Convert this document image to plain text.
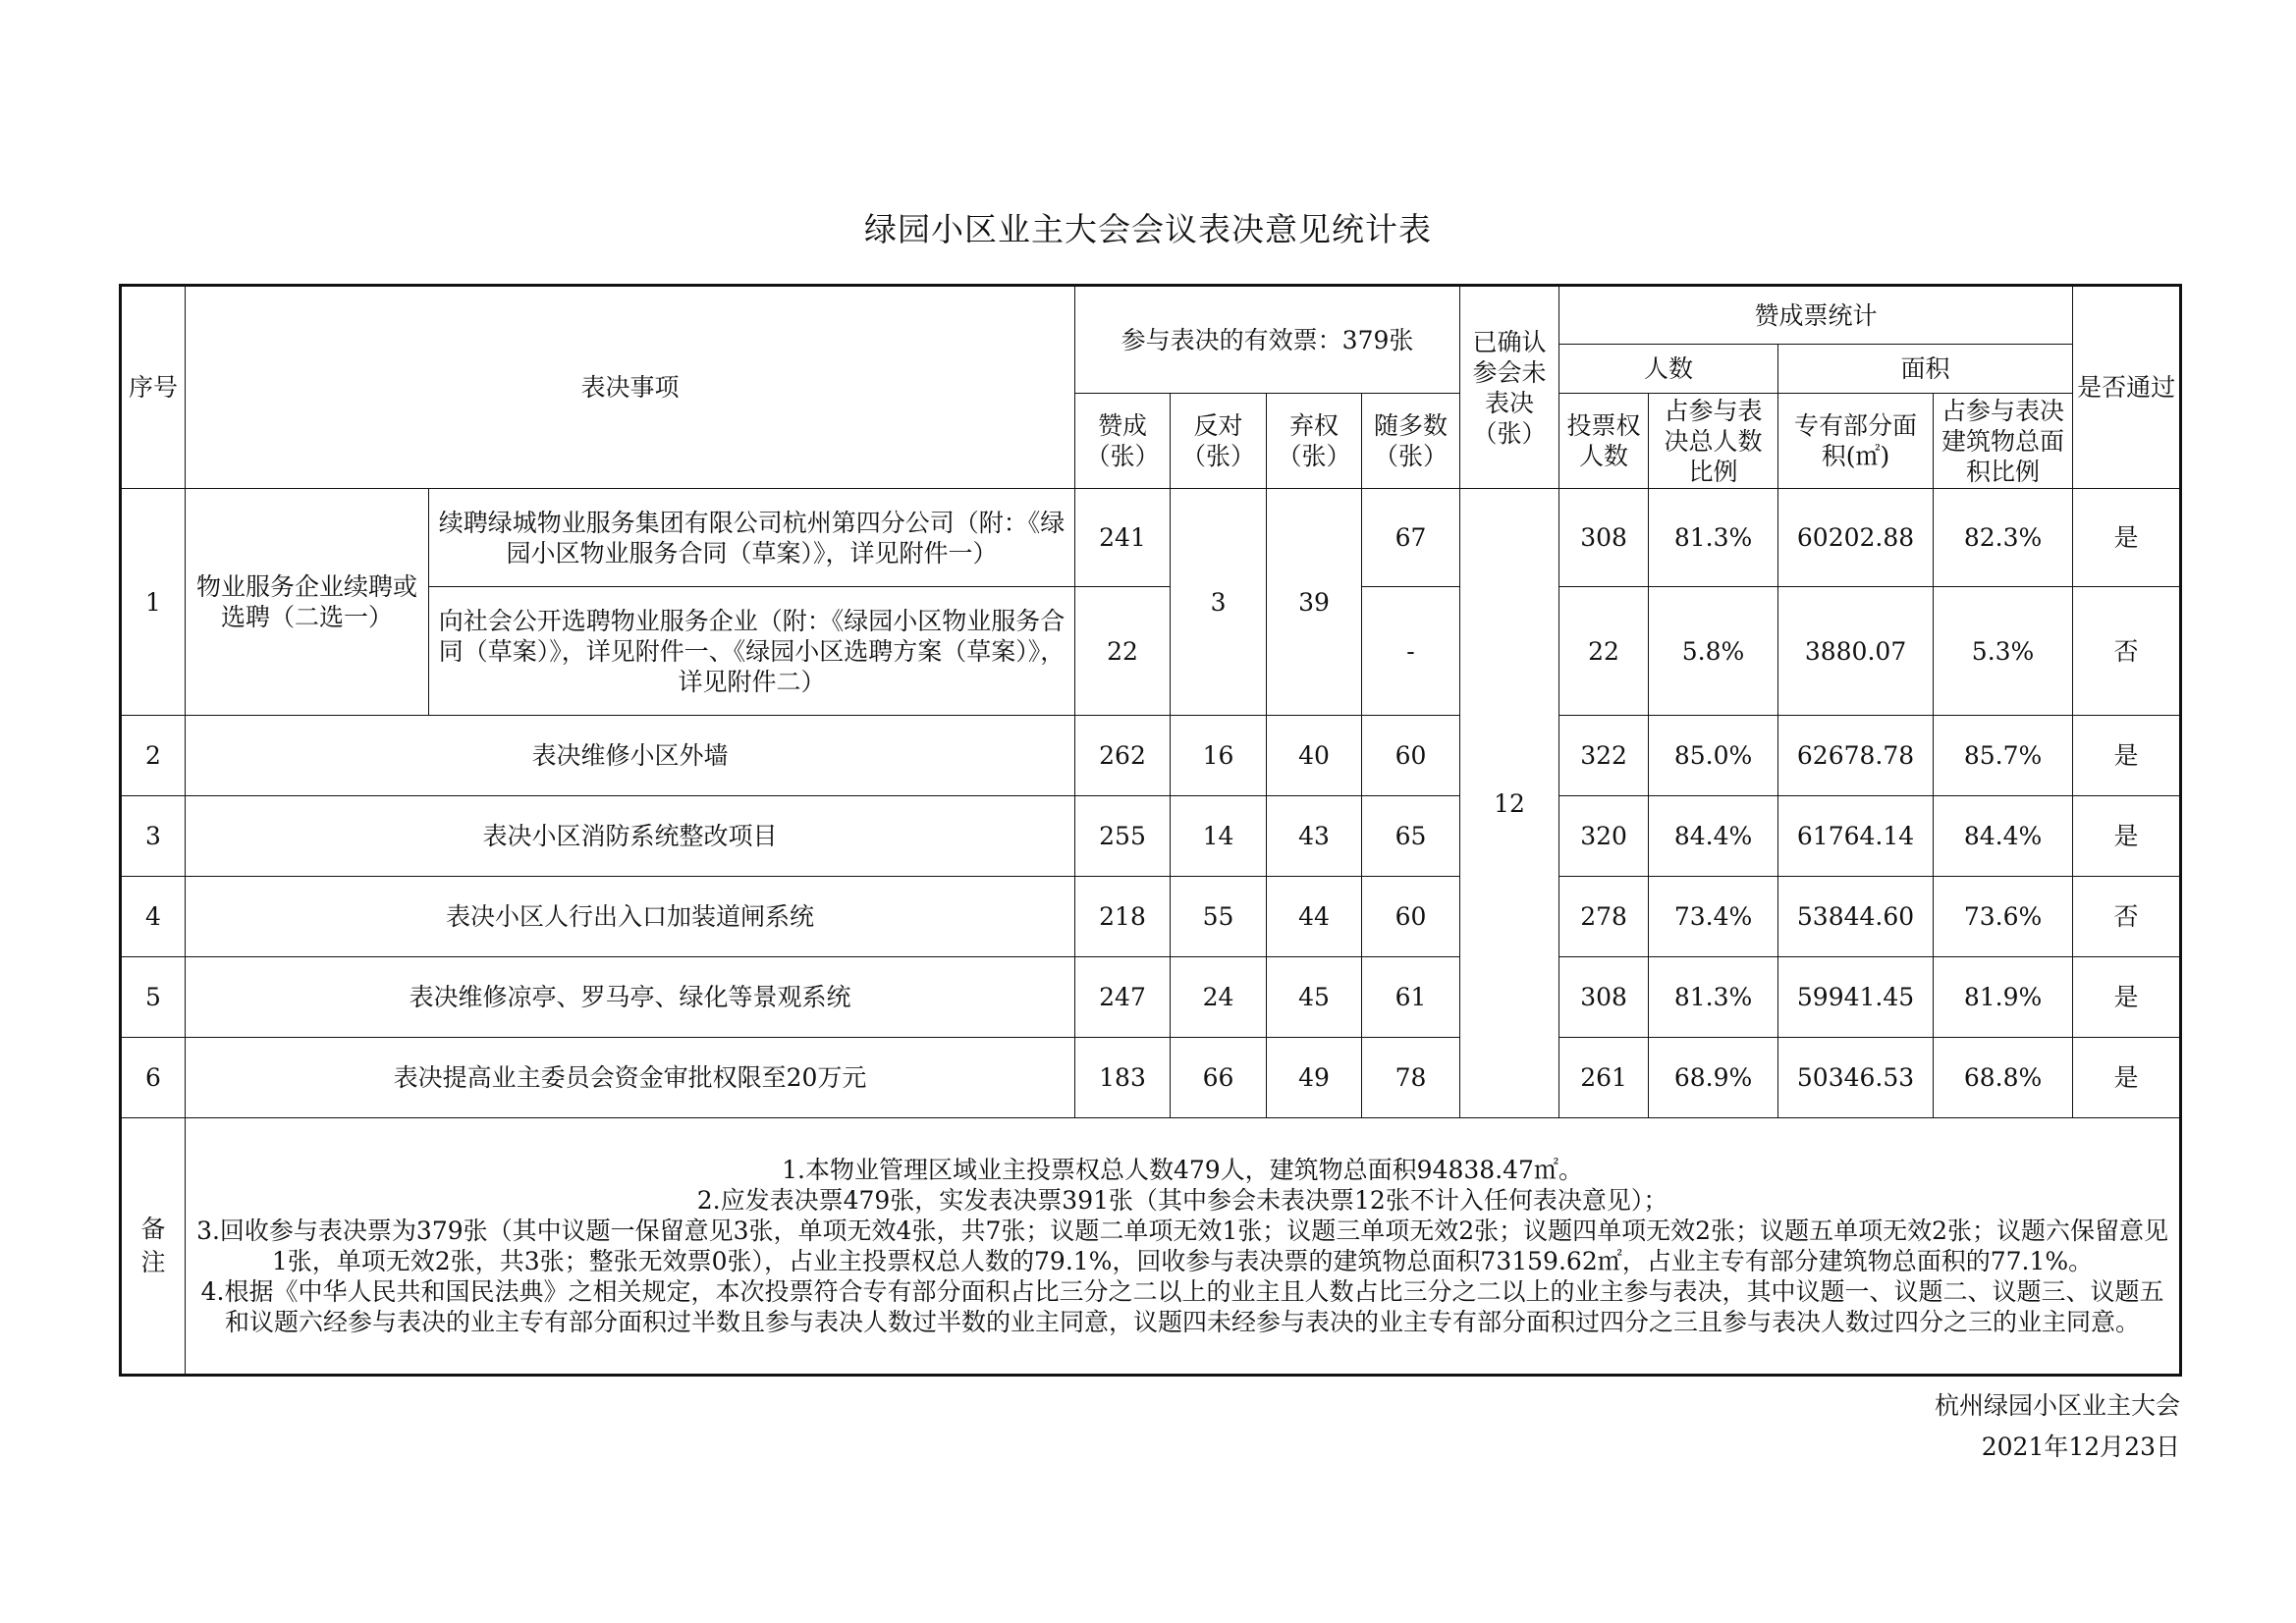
绿园小区业主大会会议表决意见统计表
序号	表决事项		参与表决的有效票：379张				已确认参会未表决（张）	赞成票统计				是否通过
								人数		面积		
			赞成（张）	反对（张）	弃权（张）	随多数（张）		投票权人数	占参与表决总人数比例	专有部分面积(㎡)	占参与表决建筑物总面积比例	
1	物业服务企业续聘或选聘（二选一）	续聘绿城物业服务集团有限公司杭州第四分公司（附：《绿园小区物业服务合同（草案）》，详见附件一）	241	3	39	67	12	308	81.3%	60202.88	82.3%	是
		向社会公开选聘物业服务企业（附：《绿园小区物业服务合同（草案）》，详见附件一、《绿园小区选聘方案（草案）》，详见附件二）	22			-		22	5.8%	3880.07	5.3%	否
2	表决维修小区外墙		262	16	40	60		322	85.0%	62678.78	85.7%	是
3	表决小区消防系统整改项目		255	14	43	65		320	84.4%	61764.14	84.4%	是
4	表决小区人行出入口加装道闸系统		218	55	44	60		278	73.4%	53844.60	73.6%	否
5	表决维修凉亭、罗马亭、绿化等景观系统		247	24	45	61		308	81.3%	59941.45	81.9%	是
6	表决提高业主委员会资金审批权限至20万元		183	66	49	78		261	68.9%	50346.53	68.8%	是
备注	1.本物业管理区域业主投票权总人数479人，建筑物总面积94838.47㎡。
2.应发表决票479张，实发表决票391张（其中参会未表决票12张不计入任何表决意见）；
3.回收参与表决票为379张（其中议题一保留意见3张，单项无效4张，共7张；议题二单项无效1张；议题三单项无效2张；议题四单项无效2张；议题五单项无效2张；议题六保留意见1张，单项无效2张，共3张；整张无效票0张），占业主投票权总人数的79.1%，回收参与表决票的建筑物总面积73159.62㎡，占业主专有部分建筑物总面积的77.1%。
4.根据《中华人民共和国民法典》之相关规定，本次投票符合专有部分面积占比三分之二以上的业主且人数占比三分之二以上的业主参与表决，其中议题一、议题二、议题三、议题五和议题六经参与表决的业主专有部分面积过半数且参与表决人数过半数的业主同意，议题四未经参与表决的业主专有部分面积过四分之三且参与表决人数过四分之三的业主同意。											
杭州绿园小区业主大会
2021年12月23日
